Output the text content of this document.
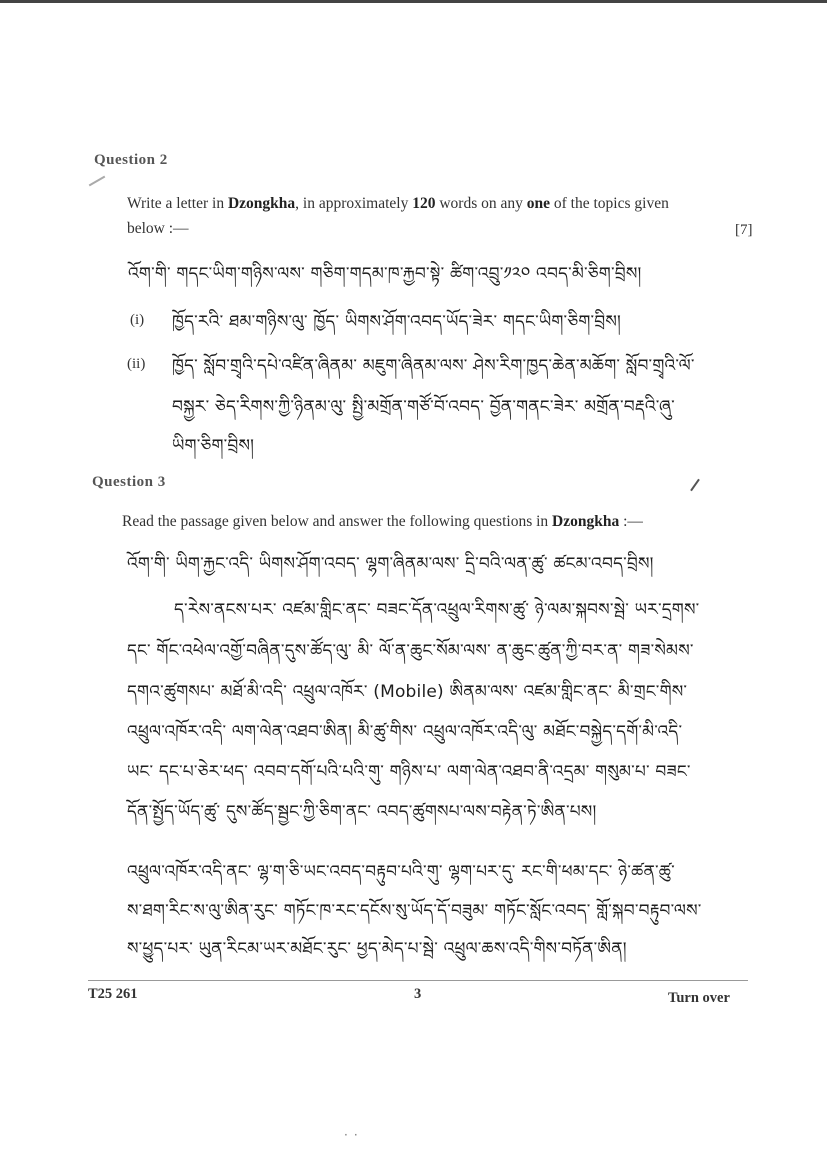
Question 2
Write a letter in Dzongkha, in approximately 120 words on any one of the topics given below :—	[7]
འོག་གི་ གདང་ཡིག་གཉིས་ལས་ གཅིག་གདམ་ཁ་རྐྱབ་སྟེ་ ཚིག་འབྲུ་༡༢༠ འབད་མི་ཅིག་བྲིས།
(i) ཁྱོད་རའི་ ཐམ་གཉིས་ལུ་ ཁྱོད་ ཡིགས་ཤོག་འབད་ཡོད་ཟེར་ གདང་ཡིག་ཅིག་བྲིས།
(ii) ཁྱོད་ སློབ་གྲྭའི་དཔེ་འཛིན་ཞིནམ་ མཇུག་ཞིནམ་ལས་ ཤེས་རིག་ཁྱད་ཆེན་མཆོག་ སློབ་གྲྭའི་ལོ་
བསྐྱར་ ཅེད་རིགས་ཀྱི་ཉིནམ་ལུ་ སྤྱི་མགྲོན་གཙོ་བོ་འབད་ བྱོན་གནང་ཟེར་ མགྲོན་བརྡའི་ཞུ་
ཡིག་ཅིག་བྲིས།
Question 3
Read the passage given below and answer the following questions in Dzongkha :—
འོག་གི་ ཡིག་རྐྱང་འདི་ ཡིགས་ཤོག་འབད་ ལྷག་ཞིནམ་ལས་ དྲི་བའི་ལན་ཚུ་ ཚངམ་འབད་བྲིས།
ད་རེས་ནངས་པར་ འཛམ་གླིང་ནང་ བཟང་དོན་འཕྲུལ་རིགས་ཚུ་ ཉེ་ལམ་སྐབས་སྦེ་ ཡར་དྲགས་
དང་ གོང་འཕེལ་འགྱོ་བཞིན་དུས་ཚོད་ལུ་ མི་ ལོ་ན་ཆུང་སོམ་ལས་ ན་ཆུང་ཚུན་ཀྱི་བར་ན་ གཟ་སེམས་
དགའ་ཚུགསཔ་ མཐོ་མི་འདི་ འཕྲུལ་འཁོར་ (Mobile) ཨིནམ་ལས་ འཛམ་གླིང་ནང་ མི་གྲང་གིས་
འཕྲུལ་འཁོར་འདི་ ལག་ལེན་འཐབ་ཨིན། མི་ཚུ་གིས་ འཕྲུལ་འཁོར་འདི་ལུ་ མཐོང་བསྐྱེད་དགོ་མི་འདི་
ཡང་ དང་པ་ཅེར་ཕད་ འབབ་དགོ་པའི་པའི་གུ་ གཉིས་པ་ ལག་ལེན་འཐབ་ནི་འདྲམ་ གསུམ་པ་ བཟང་
དོན་སྤྱོད་ཡོད་ཚུ་ དུས་ཚོད་སྦྱང་ཀྱི་ཅིག་ནང་ འབད་ཚུགསཔ་ལས་བརྟེན་ཏེ་ཨིན་པས།
འཕྲུལ་འཁོར་འདི་ནང་ ལྷ་ག་ཅི་ཡང་འབད་བརྟུབ་པའི་གུ་ ལྷག་པར་དུ་ རང་གི་ཕམ་དང་ ཉེ་ཚན་ཚུ་
ས་ཐག་རིང་ས་ལུ་ཨིན་རུང་ གཏོང་ཁ་རང་དངོས་སུ་ཡོད་དོ་བཟུམ་ གཏོང་སློང་འབད་ གློ་སྐབ་བརྟུབ་ལས་
ས་ཕྱུད་པར་ ཡུན་རིངམ་ཡར་མཐོང་རུང་ ཕྱད་མེད་པ་སྦེ་ འཕྲུལ་ཆས་འདི་གིས་བཏོན་ཨིན།
T25 261	3	Turn over
··
